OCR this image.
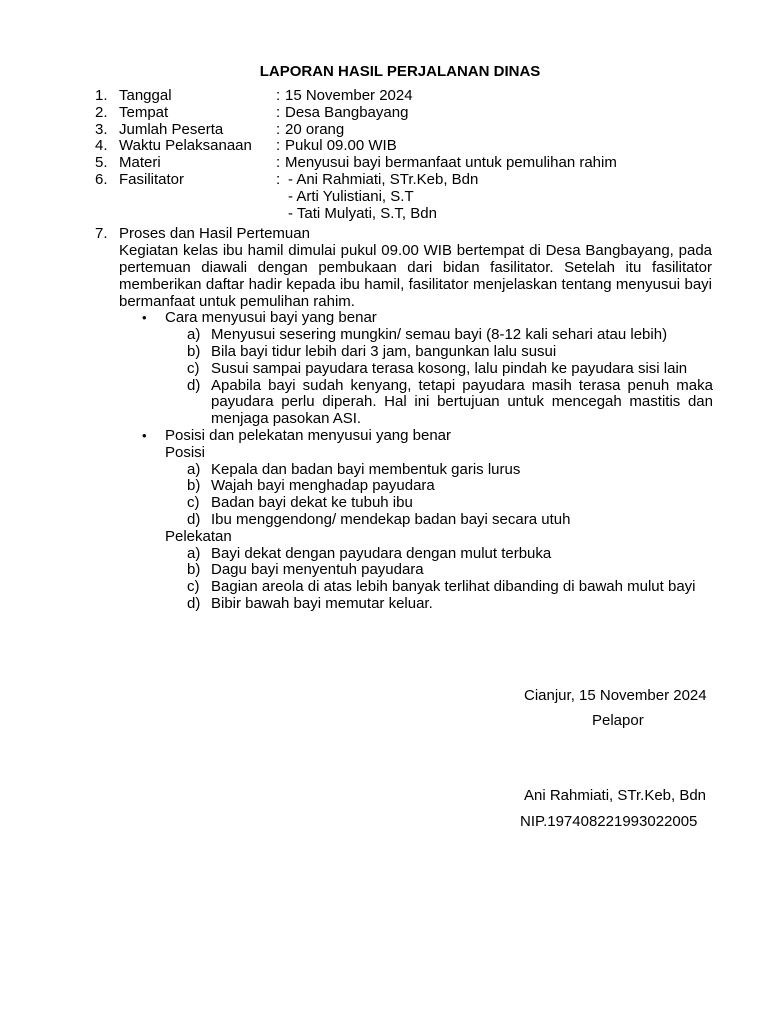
LAPORAN HASIL PERJALANAN DINAS
1. Tanggal	: 15 November 2024
2. Tempat	: Desa Bangbayang
3. Jumlah Peserta	: 20 orang
4. Waktu Pelaksanaan : Pukul 09.00 WIB
5. Materi	: Menyusui bayi bermanfaat untuk pemulihan rahim
6. Fasilitator	: - Ani Rahmiati, STr.Keb, Bdn
- Arti Yulistiani, S.T
- Tati Mulyati, S.T, Bdn
7. Proses dan Hasil Pertemuan
Kegiatan kelas ibu hamil dimulai pukul 09.00 WIB bertempat di Desa Bangbayang, pada pertemuan diawali dengan pembukaan dari bidan fasilitator. Setelah itu fasilitator memberikan daftar hadir kepada ibu hamil, fasilitator menjelaskan tentang menyusui bayi bermanfaat untuk pemulihan rahim.
• Cara menyusui bayi yang benar
a) Menyusui sesering mungkin/ semau bayi (8-12 kali sehari atau lebih)
b) Bila bayi tidur lebih dari 3 jam, bangunkan lalu susui
c) Susui sampai payudara terasa kosong, lalu pindah ke payudara sisi lain
d) Apabila bayi sudah kenyang, tetapi payudara masih terasa penuh maka payudara perlu diperah. Hal ini bertujuan untuk mencegah mastitis dan menjaga pasokan ASI.
• Posisi dan pelekatan menyusui yang benar
Posisi
a) Kepala dan badan bayi membentuk garis lurus
b) Wajah bayi menghadap payudara
c) Badan bayi dekat ke tubuh ibu
d) Ibu menggendong/ mendekap badan bayi secara utuh
Pelekatan
a) Bayi dekat dengan payudara dengan mulut terbuka
b) Dagu bayi menyentuh payudara
c) Bagian areola di atas lebih banyak terlihat dibanding di bawah mulut bayi
d) Bibir bawah bayi memutar keluar.
Cianjur, 15 November 2024
Pelapor
Ani Rahmiati, STr.Keb, Bdn
NIP.197408221993022005
